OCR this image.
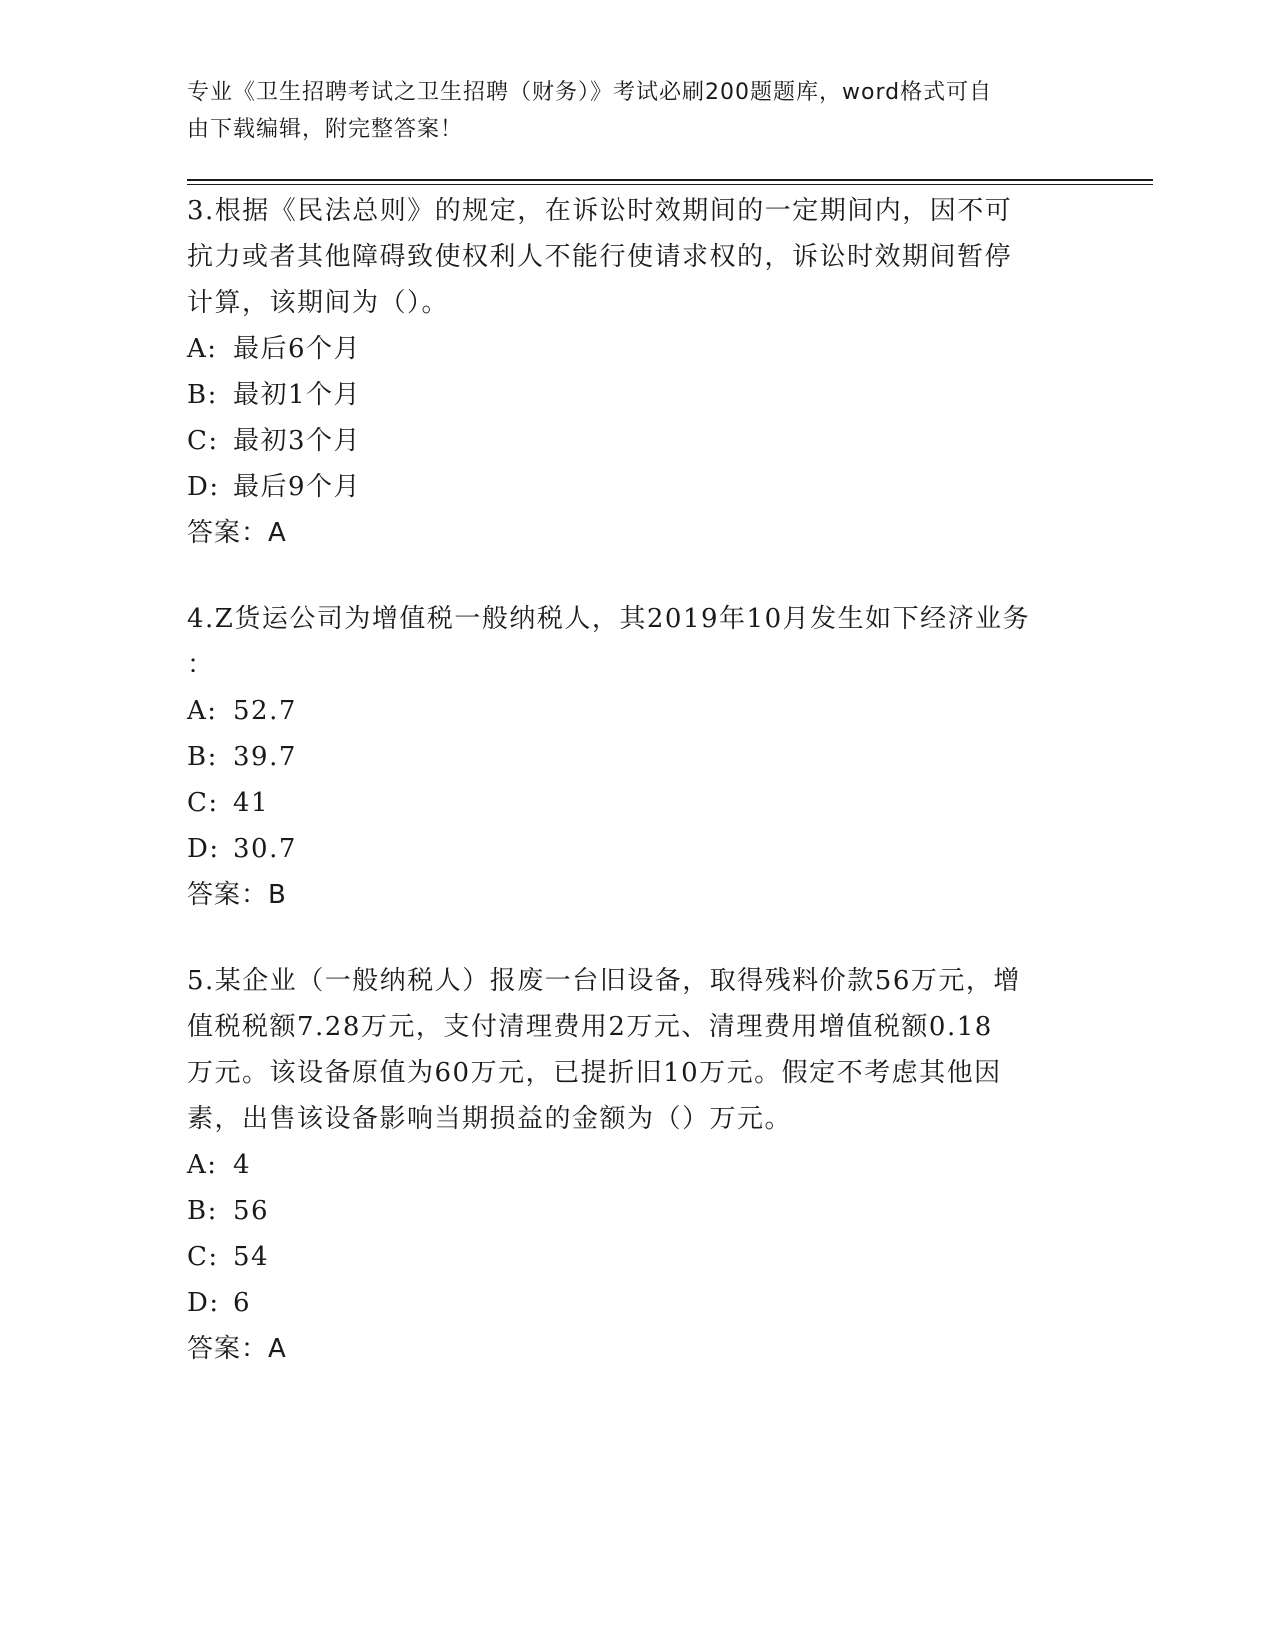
专业《卫生招聘考试之卫生招聘（财务）》考试必刷200题题库，word格式可自
由下载编辑，附完整答案！
3.根据《民法总则》的规定，在诉讼时效期间的一定期间内，因不可
抗力或者其他障碍致使权利人不能行使请求权的，诉讼时效期间暂停
计算，该期间为（）。
A: 最后6个月
B: 最初1个月
C: 最初3个月
D: 最后9个月
答案：A
4.Z货运公司为增值税一般纳税人，其2019年10月发生如下经济业务
：
A: 52.7
B: 39.7
C: 41
D: 30.7
答案：B
5.某企业（一般纳税人）报废一台旧设备，取得残料价款56万元，增
值税税额7.28万元，支付清理费用2万元、清理费用增值税额0.18
万元。该设备原值为60万元，已提折旧10万元。假定不考虑其他因
素，出售该设备影响当期损益的金额为（）万元。
A: 4
B: 56
C: 54
D: 6
答案：A
